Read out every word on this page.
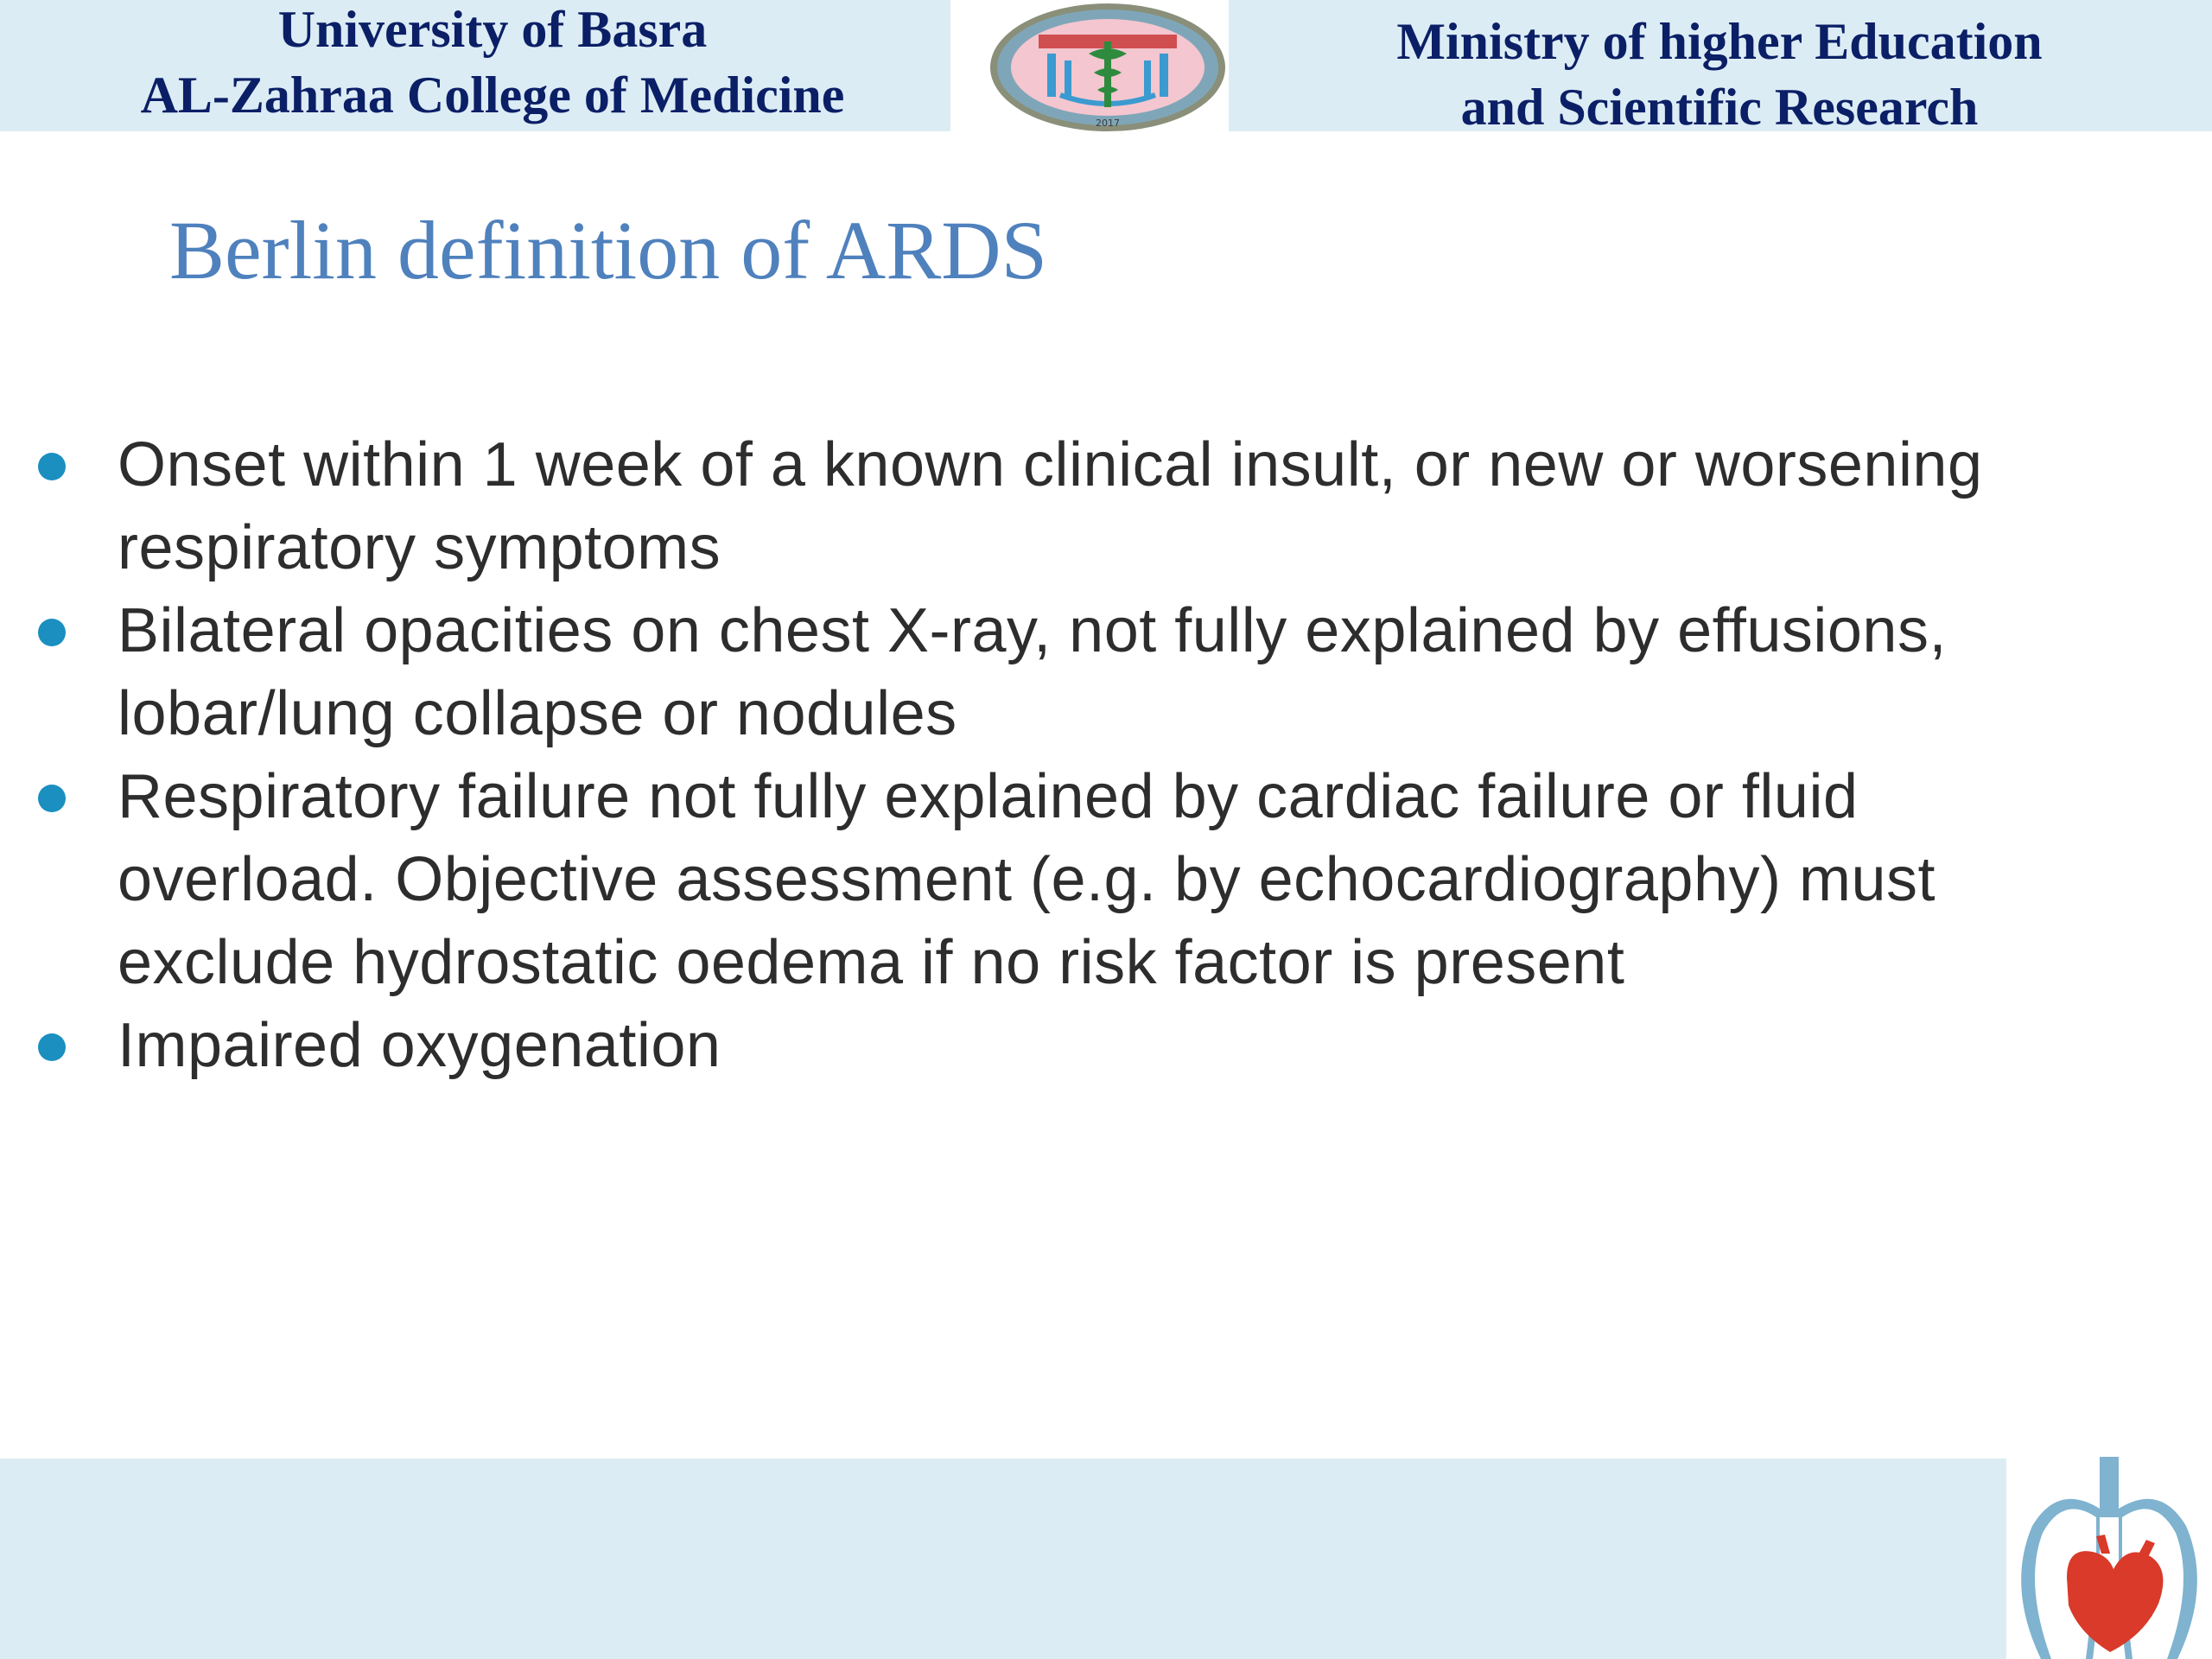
University of Basra
AL-Zahraa College of Medicine	2017
Ministry of higher Education
and Scientific Research
Berlin definition of ARDS
Onset within 1 week of a known clinical insult, or new or worsening
respiratory symptoms
Bilateral opacities on chest X-ray, not fully explained by effusions,
lobar/lung collapse or nodules
Respiratory failure not fully explained by cardiac failure or fluid
overload. Objective assessment (e.g. by echocardiography) must
exclude hydrostatic oedema if no risk factor is present
Impaired oxygenation
